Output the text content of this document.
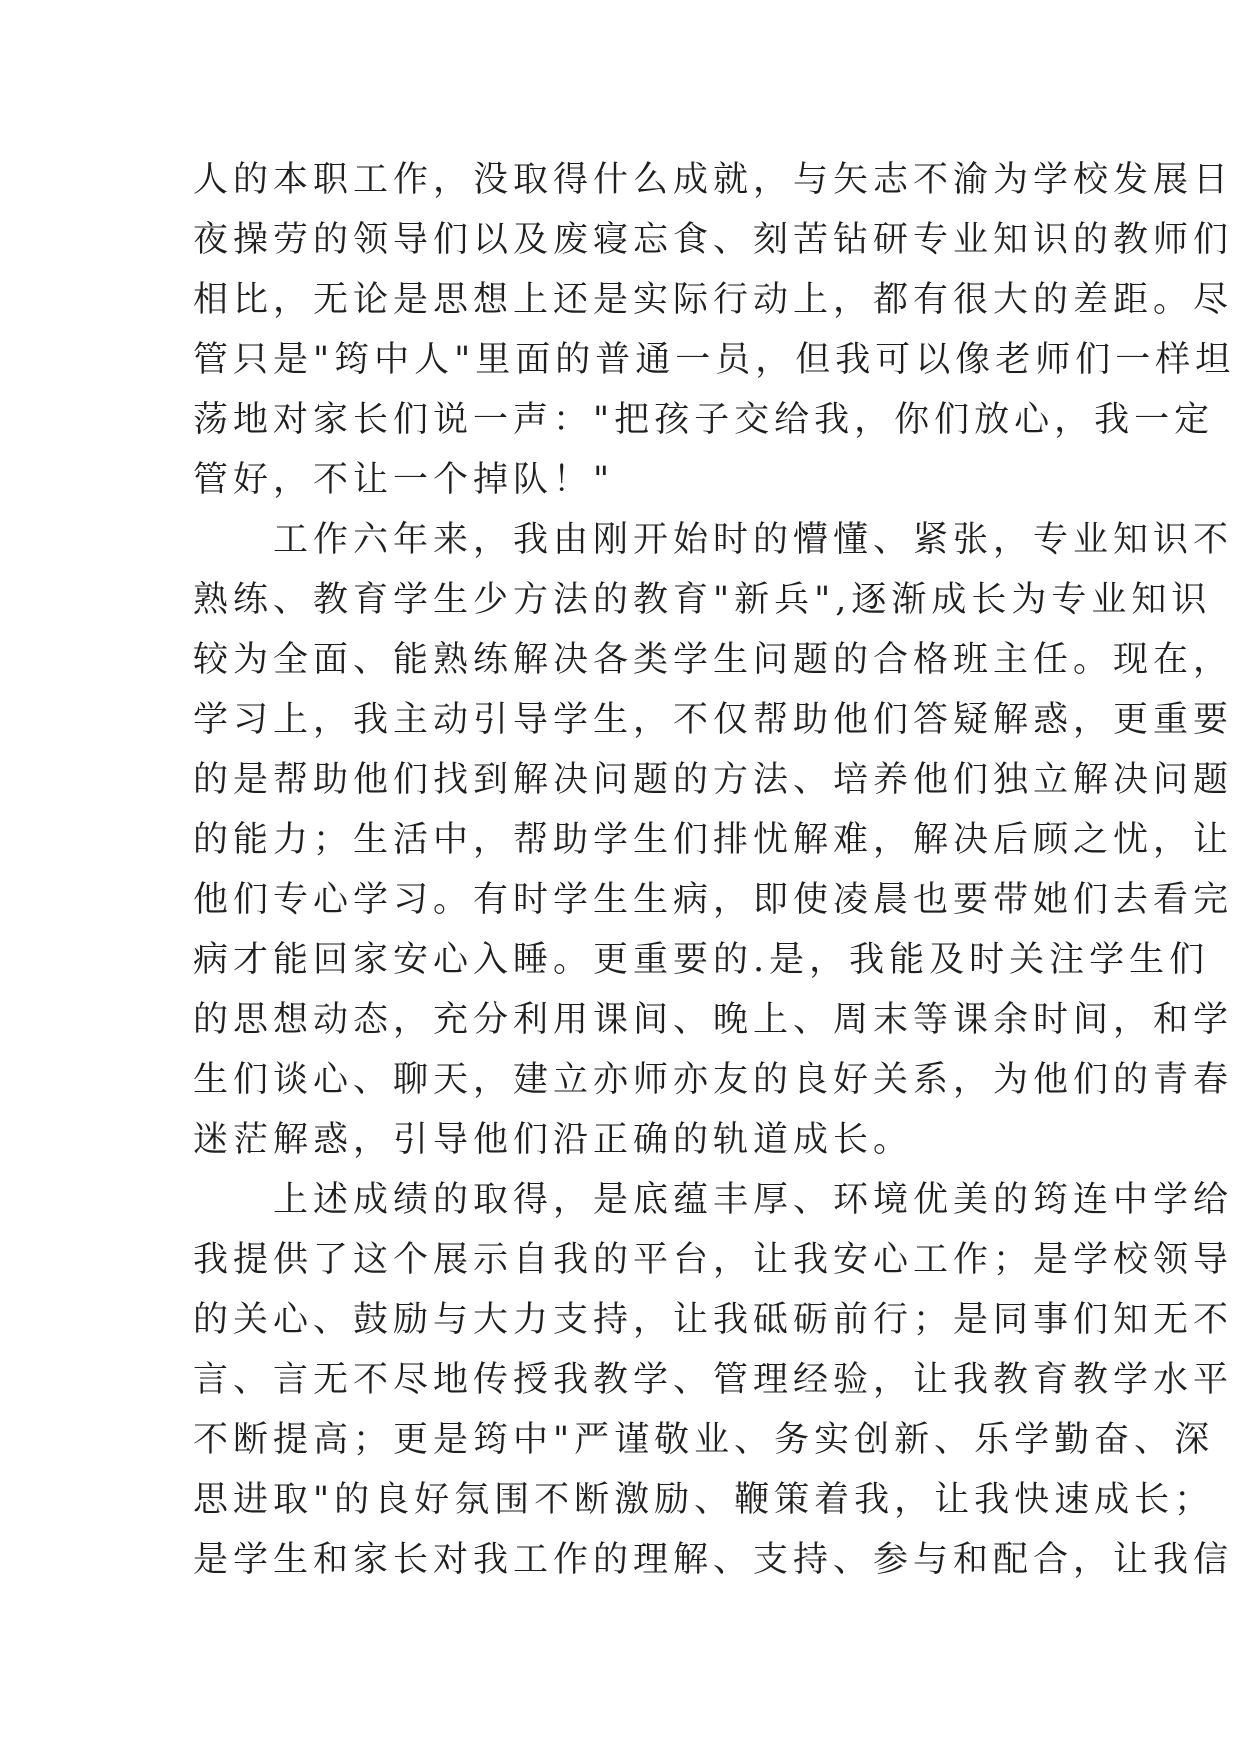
人的本职工作，没取得什么成就，与矢志不渝为学校发展日
夜操劳的领导们以及废寝忘食、刻苦钻研专业知识的教师们
相比，无论是思想上还是实际行动上，都有很大的差距。尽
管只是"筠中人"里面的普通一员，但我可以像老师们一样坦
荡地对家长们说一声："把孩子交给我，你们放心，我一定
管好，不让一个掉队！"
　　工作六年来，我由刚开始时的懵懂、紧张，专业知识不
熟练、教育学生少方法的教育"新兵",逐渐成长为专业知识
较为全面、能熟练解决各类学生问题的合格班主任。现在，
学习上，我主动引导学生，不仅帮助他们答疑解惑，更重要
的是帮助他们找到解决问题的方法、培养他们独立解决问题
的能力；生活中，帮助学生们排忧解难，解决后顾之忧，让
他们专心学习。有时学生生病，即使凌晨也要带她们去看完
病才能回家安心入睡。更重要的.是，我能及时关注学生们
的思想动态，充分利用课间、晚上、周末等课余时间，和学
生们谈心、聊天，建立亦师亦友的良好关系，为他们的青春
迷茫解惑，引导他们沿正确的轨道成长。
　　上述成绩的取得，是底蕴丰厚、环境优美的筠连中学给
我提供了这个展示自我的平台，让我安心工作；是学校领导
的关心、鼓励与大力支持，让我砥砺前行；是同事们知无不
言、言无不尽地传授我教学、管理经验，让我教育教学水平
不断提高；更是筠中"严谨敬业、务实创新、乐学勤奋、深
思进取"的良好氛围不断激励、鞭策着我，让我快速成长；
是学生和家长对我工作的理解、支持、参与和配合，让我信
